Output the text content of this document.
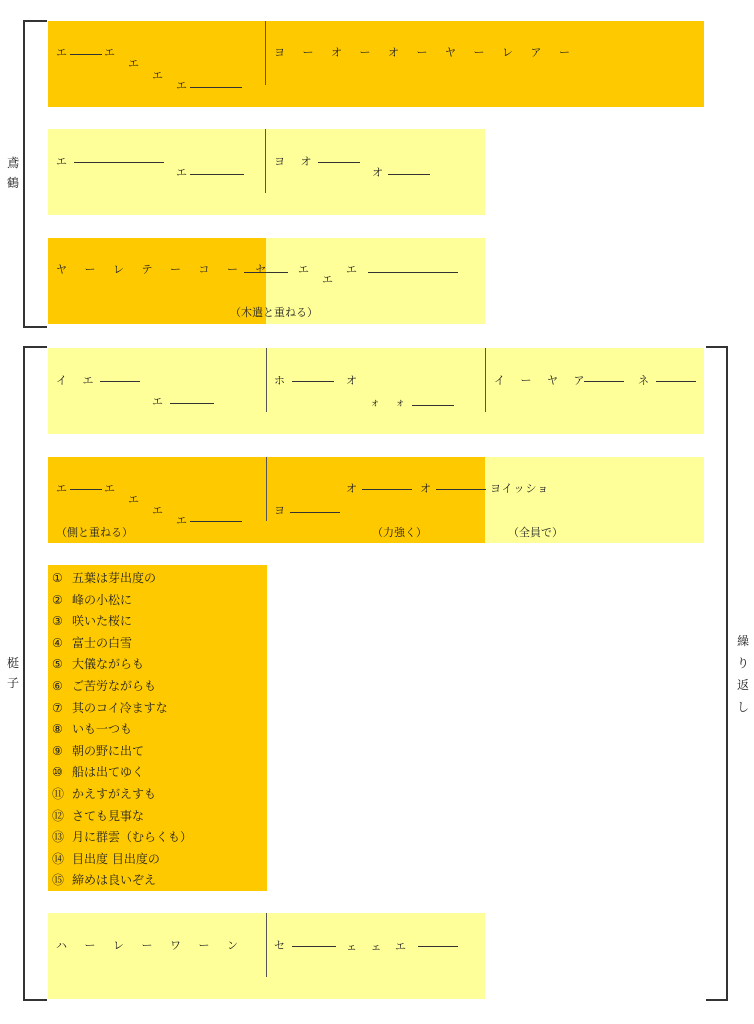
鳶
鶴
エ	エ
エ
エ
エ
ヨ ー オ ー オ ー ヤ ー レ ア ー
エ
エ
ヨ オ
オ
ヤ ー レ テ ー コ ー セ エ
エ
エ
（木遣と重ねる）
梃
子
繰
り
返
し
イ エ
エ
ホ	オ
ォ ォ
イ ー ヤ ア	ネ
エ	エ
エ
エ
エ
（側と重ねる）
ヨ
オ	オ
（力強く）
ヨイッショ
（全員で）
① 五葉は芽出度の
② 峰の小松に
③ 咲いた桜に
④ 富士の白雪
⑤ 大儀ながらも
⑥ ご苦労ながらも
⑦ 其のコイ冷ますな
⑧ いも一つも
⑨ 朝の野に出て
⑩ 船は出てゆく
⑪ かえすがえすも
⑫ さても見事な
⑬ 月に群雲（むらくも）
⑭ 目出度 目出度の
⑮ 締めは良いぞえ
ハ ー レ ー ワ ー ン	セ	ェ ェ エ
